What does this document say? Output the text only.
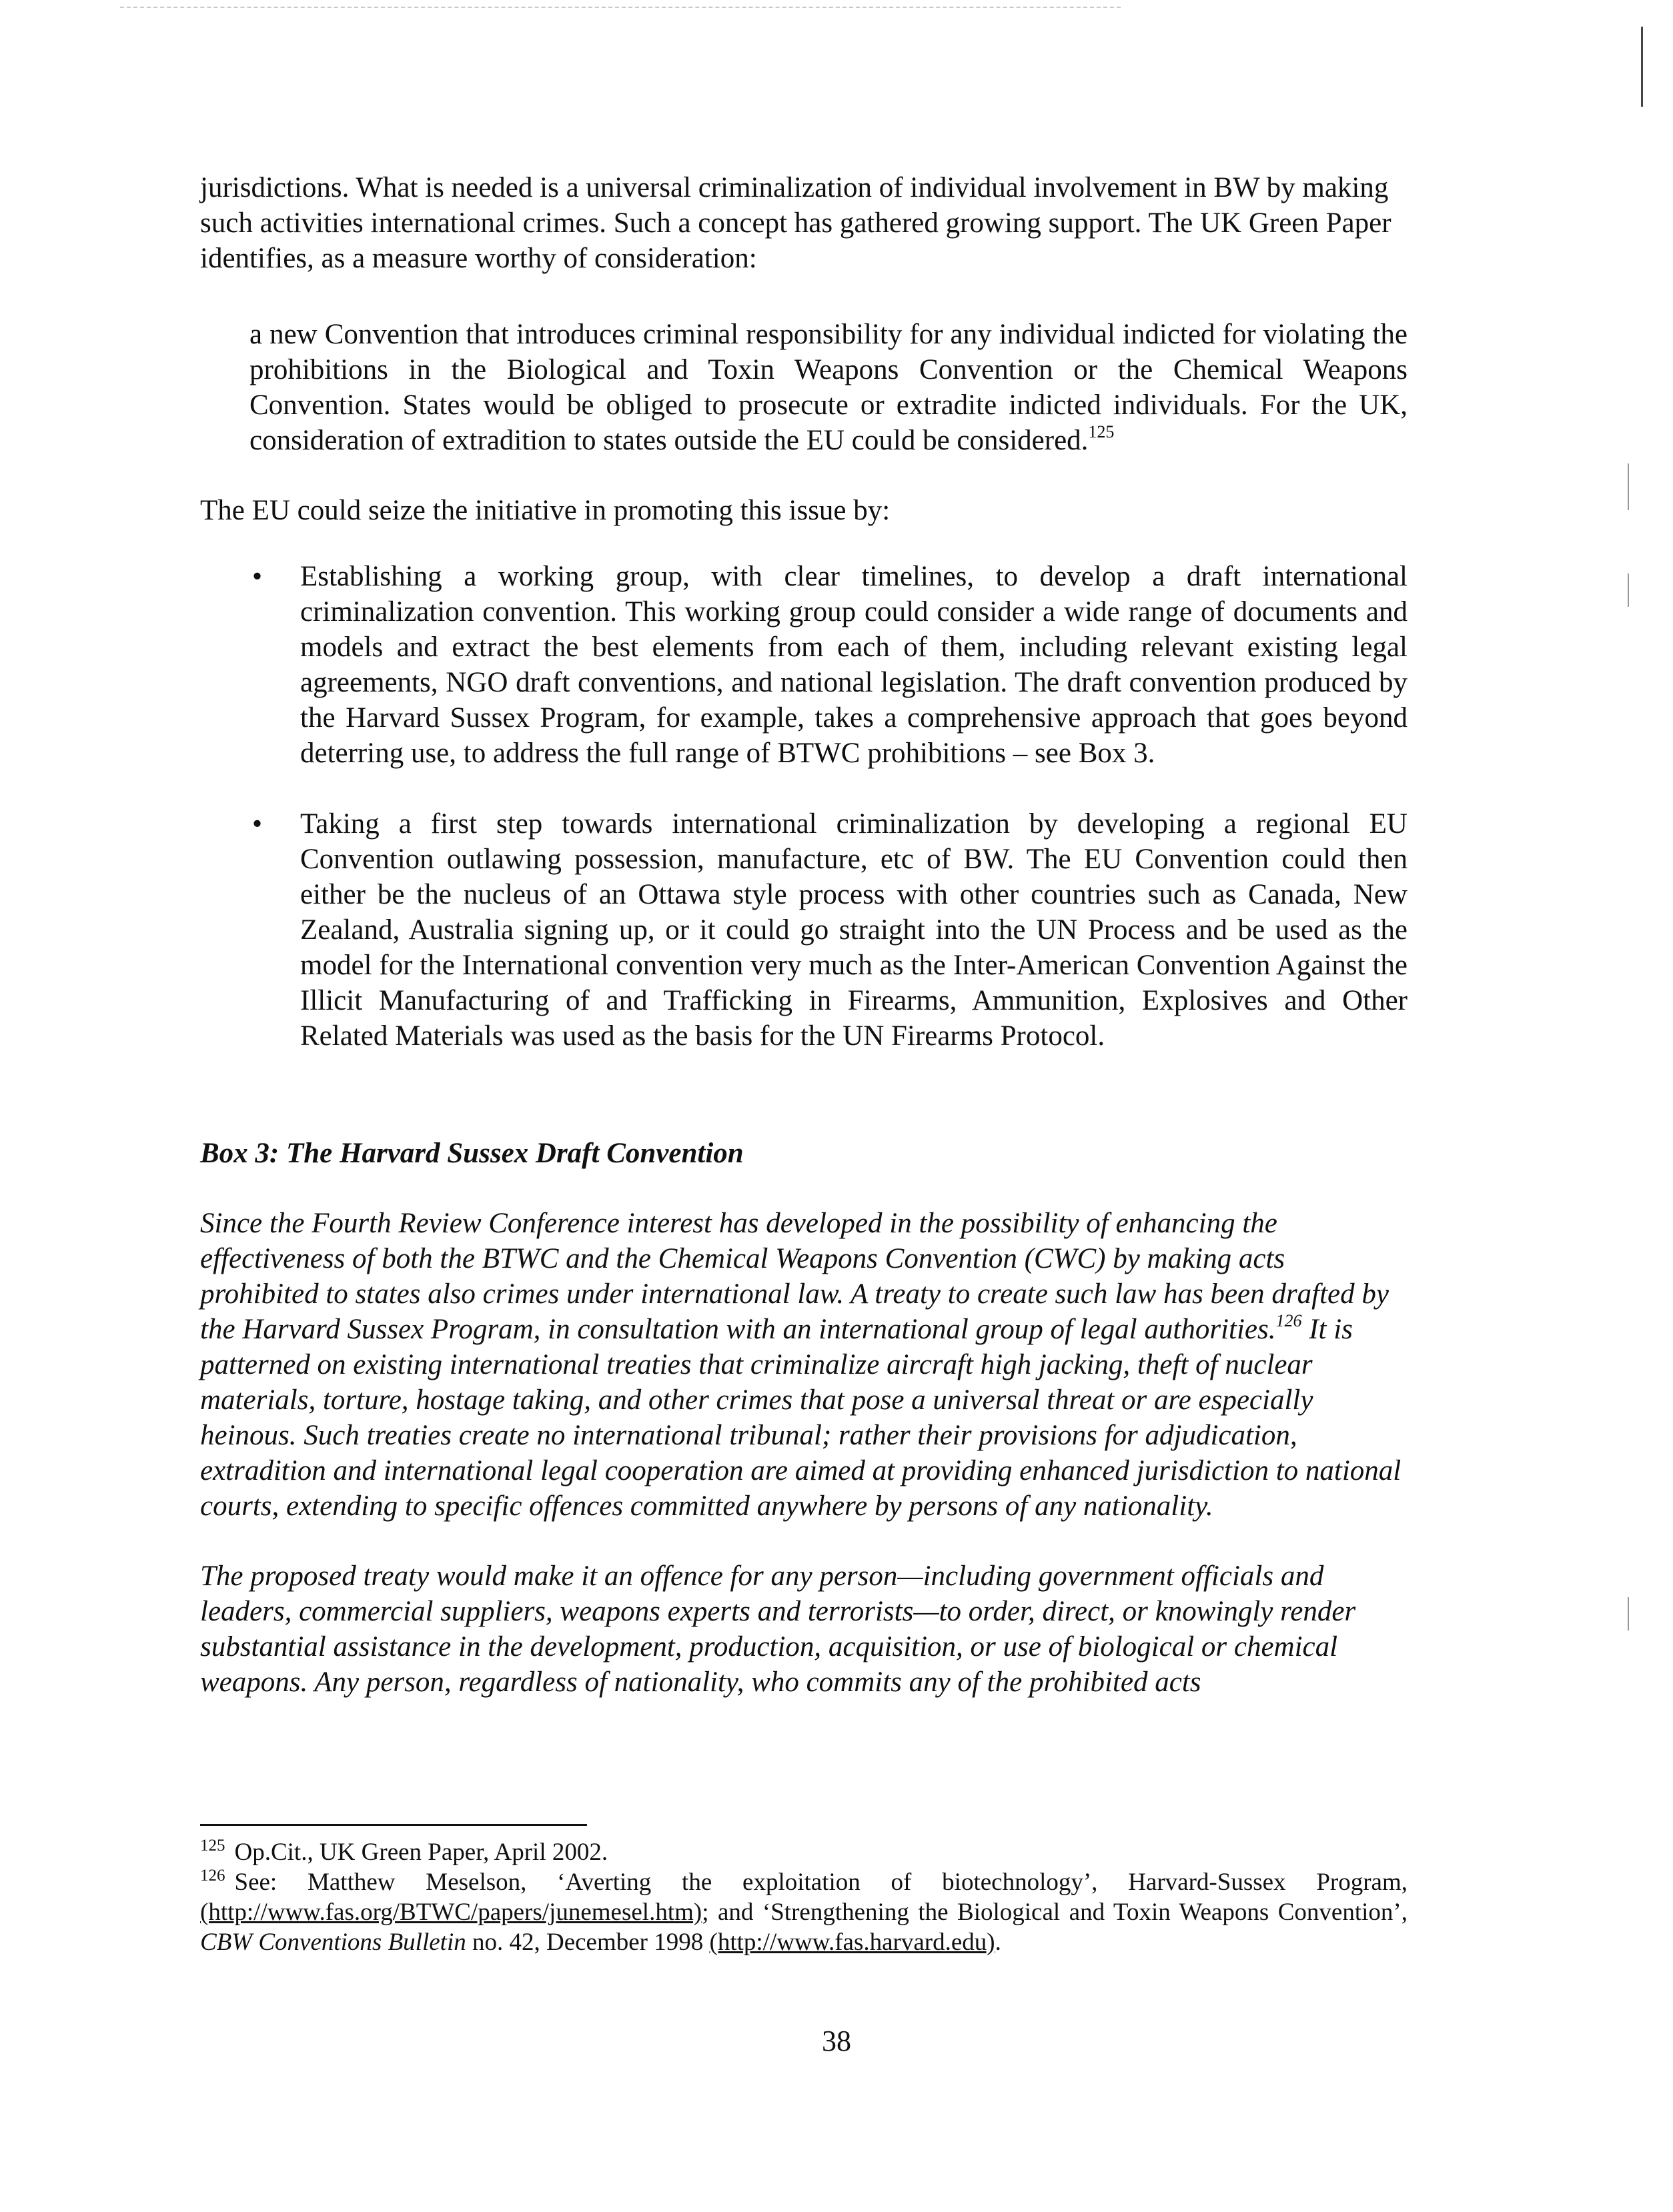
jurisdictions. What is needed is a universal criminalization of individual involvement in BW by making such activities international crimes. Such a concept has gathered growing support. The UK Green Paper identifies, as a measure worthy of consideration:

a new Convention that introduces criminal responsibility for any individual indicted for violating the prohibitions in the Biological and Toxin Weapons Convention or the Chemical Weapons Convention. States would be obliged to prosecute or extradite indicted individuals. For the UK, consideration of extradition to states outside the EU could be considered.$^{125}$

The EU could seize the initiative in promoting this issue by:

• Establishing a working group, with clear timelines, to develop a draft international criminalization convention. This working group could consider a wide range of documents and models and extract the best elements from each of them, including relevant existing legal agreements, NGO draft conventions, and national legislation. The draft convention produced by the Harvard Sussex Program, for example, takes a comprehensive approach that goes beyond deterring use, to address the full range of BTWC prohibitions – see Box 3.
• Taking a first step towards international criminalization by developing a regional EU Convention outlawing possession, manufacture, etc of BW. The EU Convention could then either be the nucleus of an Ottawa style process with other countries such as Canada, New Zealand, Australia signing up, or it could go straight into the UN Process and be used as the model for the International convention very much as the Inter-American Convention Against the Illicit Manufacturing of and Trafficking in Firearms, Ammunition, Explosives and Other Related Materials was used as the basis for the UN Firearms Protocol.

Box 3: The Harvard Sussex Draft Convention

Since the Fourth Review Conference interest has developed in the possibility of enhancing the effectiveness of both the BTWC and the Chemical Weapons Convention (CWC) by making acts prohibited to states also crimes under international law. A treaty to create such law has been drafted by the Harvard Sussex Program, in consultation with an international group of legal authorities.$^{126}$ It is patterned on existing international treaties that criminalize aircraft high jacking, theft of nuclear materials, torture, hostage taking, and other crimes that pose a universal threat or are especially heinous. Such treaties create no international tribunal; rather their provisions for adjudication, extradition and international legal cooperation are aimed at providing enhanced jurisdiction to national courts, extending to specific offences committed anywhere by persons of any nationality.

The proposed treaty would make it an offence for any person—including government officials and leaders, commercial suppliers, weapons experts and terrorists—to order, direct, or knowingly render substantial assistance in the development, production, acquisition, or use of biological or chemical weapons. Any person, regardless of nationality, who commits any of the prohibited acts

$^{125}$ Op.Cit., UK Green Paper, April 2002.

$^{126}$ See: Matthew Meselson, ‘Averting the exploitation of biotechnology’, Harvard-Sussex Program, (http://www.fas.org/BTWC/papers/junemesel.htm); and ‘Strengthening the Biological and Toxin Weapons Convention’, CBW Conventions Bulletin no. 42, December 1998 (http://www.fas.harvard.edu).

38
